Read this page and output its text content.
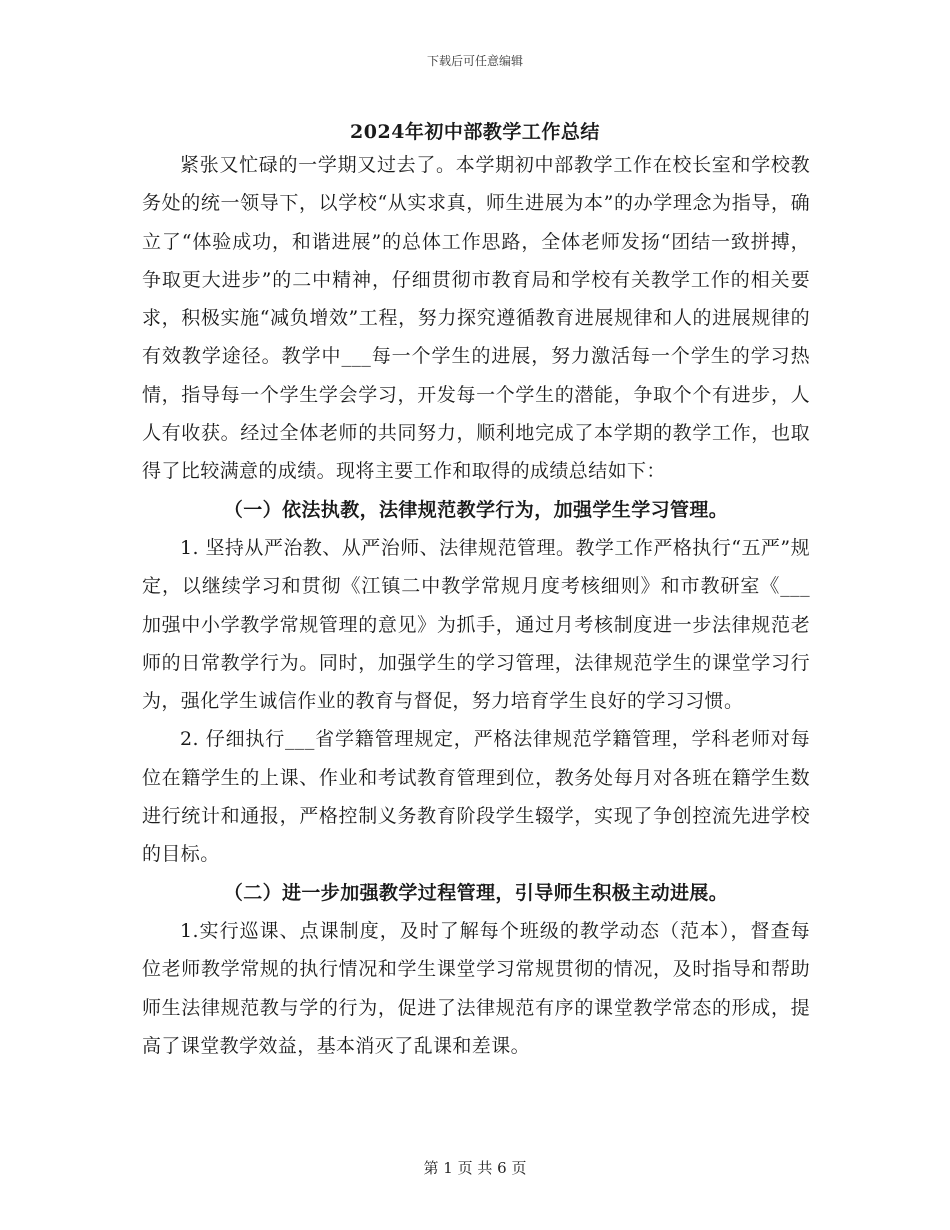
下载后可任意编辑
2024年初中部教学工作总结

紧张又忙碌的一学期又过去了。本学期初中部教学工作在校长室和学校教务处的统一领导下，以学校“从实求真，师生进展为本”的办学理念为指导，确立了“体验成功，和谐进展”的总体工作思路，全体老师发扬“团结一致拼搏，争取更大进步”的二中精神，仔细贯彻市教育局和学校有关教学工作的相关要求，积极实施“减负增效”工程，努力探究遵循教育进展规律和人的进展规律的有效教学途径。教学中___每一个学生的进展，努力激活每一个学生的学习热情，指导每一个学生学会学习，开发每一个学生的潜能，争取个个有进步，人人有收获。经过全体老师的共同努力，顺利地完成了本学期的教学工作，也取得了比较满意的成绩。现将主要工作和取得的成绩总结如下：

（一）依法执教，法律规范教学行为，加强学生学习管理。

1. 坚持从严治教、从严治师、法律规范管理。教学工作严格执行“五严”规定，以继续学习和贯彻《江镇二中教学常规月度考核细则》和市教研室《___加强中小学教学常规管理的意见》为抓手，通过月考核制度进一步法律规范老师的日常教学行为。同时，加强学生的学习管理，法律规范学生的课堂学习行为，强化学生诚信作业的教育与督促，努力培育学生良好的学习习惯。

2. 仔细执行___省学籍管理规定，严格法律规范学籍管理，学科老师对每位在籍学生的上课、作业和考试教育管理到位，教务处每月对各班在籍学生数进行统计和通报，严格控制义务教育阶段学生辍学，实现了争创控流先进学校的目标。

（二）进一步加强教学过程管理，引导师生积极主动进展。

1.实行巡课、点课制度，及时了解每个班级的教学动态（范本），督查每位老师教学常规的执行情况和学生课堂学习常规贯彻的情况，及时指导和帮助师生法律规范教与学的行为，促进了法律规范有序的课堂教学常态的形成，提高了课堂教学效益，基本消灭了乱课和差课。

第 1 页 共 6 页
